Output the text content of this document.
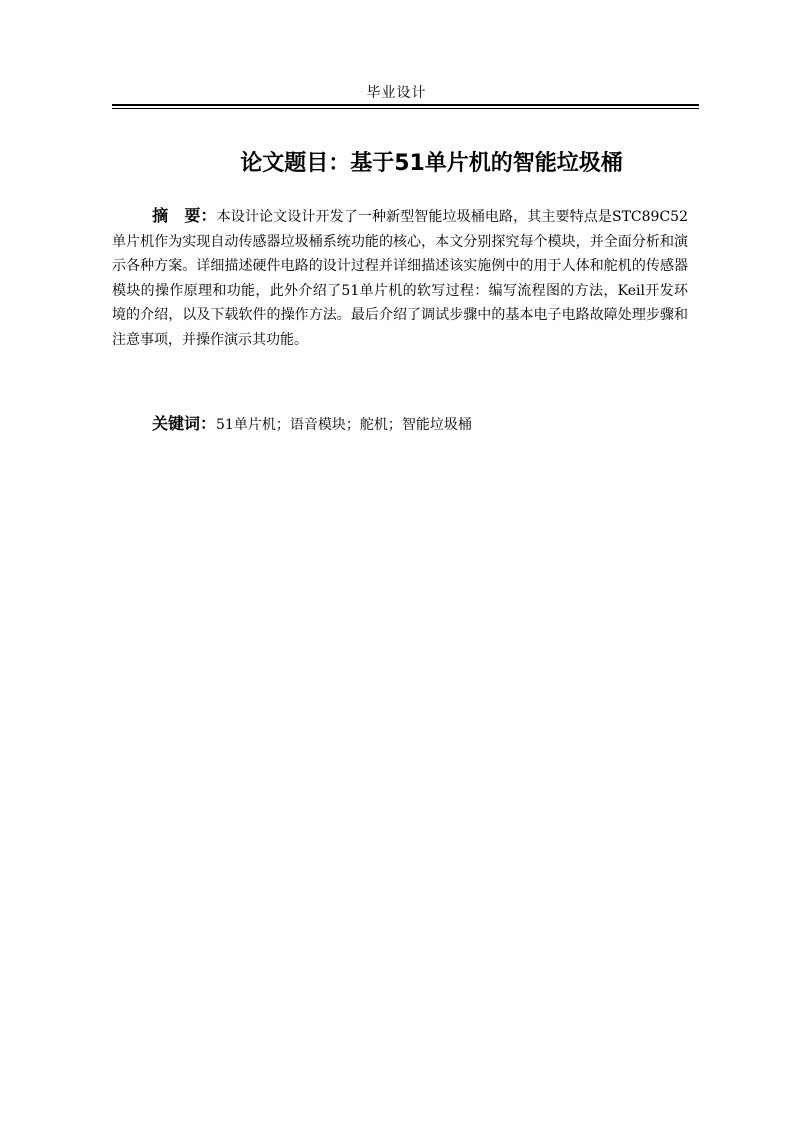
毕业设计
论文题目：基于51单片机的智能垃圾桶

摘　要：本设计论文设计开发了一种新型智能垃圾桶电路，其主要特点是STC89C52单片机作为实现自动传感器垃圾桶系统功能的核心，本文分别探究每个模块，并全面分析和演示各种方案。详细描述硬件电路的设计过程并详细描述该实施例中的用于人体和舵机的传感器模块的操作原理和功能，此外介绍了51单片机的软写过程：编写流程图的方法，Keil开发环境的介绍，以及下载软件的操作方法。最后介绍了调试步骤中的基本电子电路故障处理步骤和注意事项，并操作演示其功能。

关键词：51单片机；语音模块；舵机；智能垃圾桶
